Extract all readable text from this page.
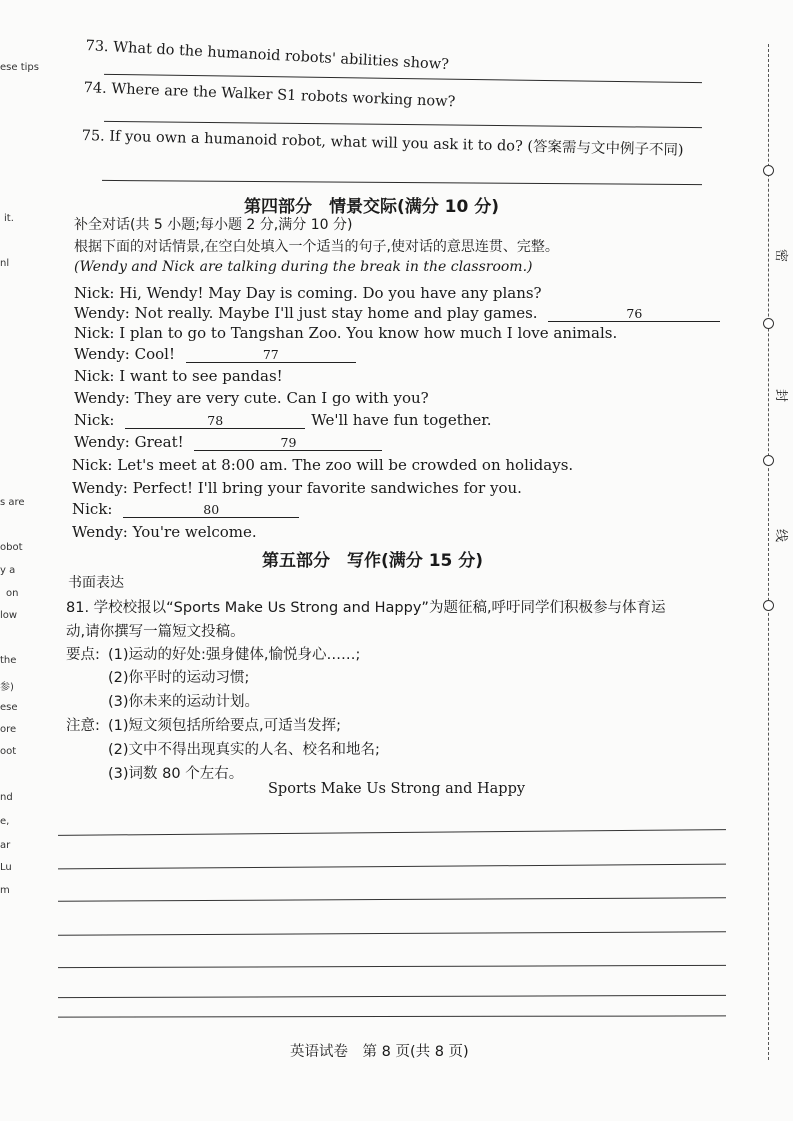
ese tips
it.
nl
s are
obot
y a
on
low
the
参)
ese
ore
oot
nd
e,
ar
Lu
m
73. What do the humanoid robots' abilities show?
74. Where are the Walker S1 robots working now?
75. If you own a humanoid robot, what will you ask it to do? (答案需与文中例子不同)
第四部分　情景交际(满分 10 分)
补全对话(共 5 小题;每小题 2 分,满分 10 分)
根据下面的对话情景,在空白处填入一个适当的句子,使对话的意思连贯、完整。
(Wendy and Nick are talking during the break in the classroom.)
Nick: Hi, Wendy! May Day is coming. Do you have any plans?
Wendy: Not really. Maybe I'll just stay home and play games.	76
Nick: I plan to go to Tangshan Zoo. You know how much I love animals.
Wendy: Cool!	77
Nick: I want to see pandas!
Wendy: They are very cute. Can I go with you?
Nick:	78	We'll have fun together.
Wendy: Great!	79
Nick: Let's meet at 8:00 am. The zoo will be crowded on holidays.
Wendy: Perfect! I'll bring your favorite sandwiches for you.
Nick:	80
Wendy: You're welcome.
第五部分　写作(满分 15 分)
书面表达
81. 学校校报以“Sports Make Us Strong and Happy”为题征稿,呼吁同学们积极参与体育运
动,请你撰写一篇短文投稿。
要点: (1)运动的好处:强身健体,愉悦身心……;
(2)你平时的运动习惯;
(3)你未来的运动计划。
注意: (1)短文须包括所给要点,可适当发挥;
(2)文中不得出现真实的人名、校名和地名;
(3)词数 80 个左右。
Sports Make Us Strong and Happy
英语试卷　第 8 页(共 8 页)
密
封
线
